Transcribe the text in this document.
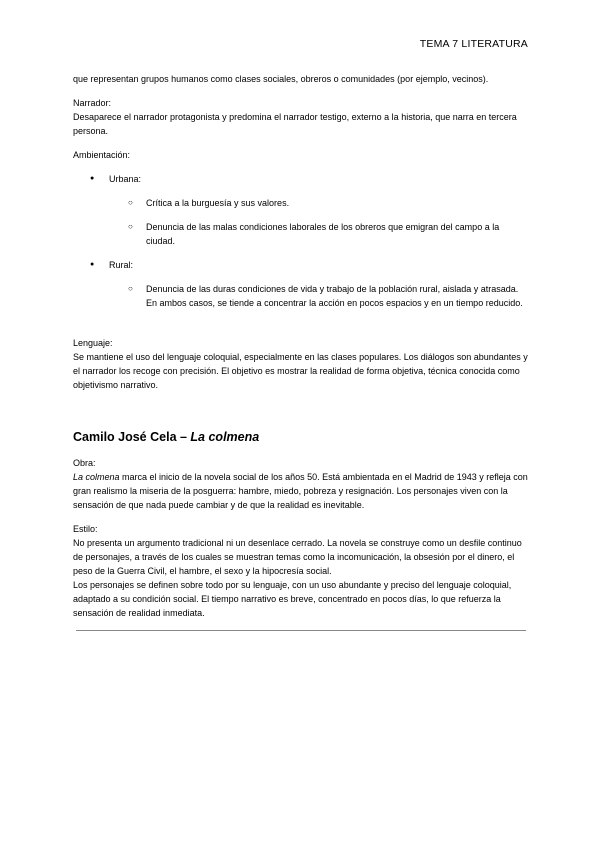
TEMA 7 LITERATURA

que representan grupos humanos como clases sociales, obreros o comunidades (por ejemplo, vecinos).

Narrador:

Desaparece el narrador protagonista y predomina el narrador testigo, externo a la historia, que narra en tercera persona.

Ambientación:

● Urbana:

○ Crítica a la burguesía y sus valores.

○ Denuncia de las malas condiciones laborales de los obreros que emigran del campo a la ciudad.

● Rural:

○ Denuncia de las duras condiciones de vida y trabajo de la población rural, aislada y atrasada.

En ambos casos, se tiende a concentrar la acción en pocos espacios y en un tiempo reducido.

Lenguaje:

Se mantiene el uso del lenguaje coloquial, especialmente en las clases populares. Los diálogos son abundantes y el narrador los recoge con precisión. El objetivo es mostrar la realidad de forma objetiva, técnica conocida como objetivismo narrativo.

Camilo José Cela – La colmena

Obra:

La colmena marca el inicio de la novela social de los años 50. Está ambientada en el Madrid de 1943 y refleja con gran realismo la miseria de la posguerra: hambre, miedo, pobreza y resignación. Los personajes viven con la sensación de que nada puede cambiar y de que la realidad es inevitable.

Estilo:

No presenta un argumento tradicional ni un desenlace cerrado. La novela se construye como un desfile continuo de personajes, a través de los cuales se muestran temas como la incomunicación, la obsesión por el dinero, el peso de la Guerra Civil, el hambre, el sexo y la hipocresía social.

Los personajes se definen sobre todo por su lenguaje, con un uso abundante y preciso del lenguaje coloquial, adaptado a su condición social. El tiempo narrativo es breve, concentrado en pocos días, lo que refuerza la sensación de realidad inmediata.
